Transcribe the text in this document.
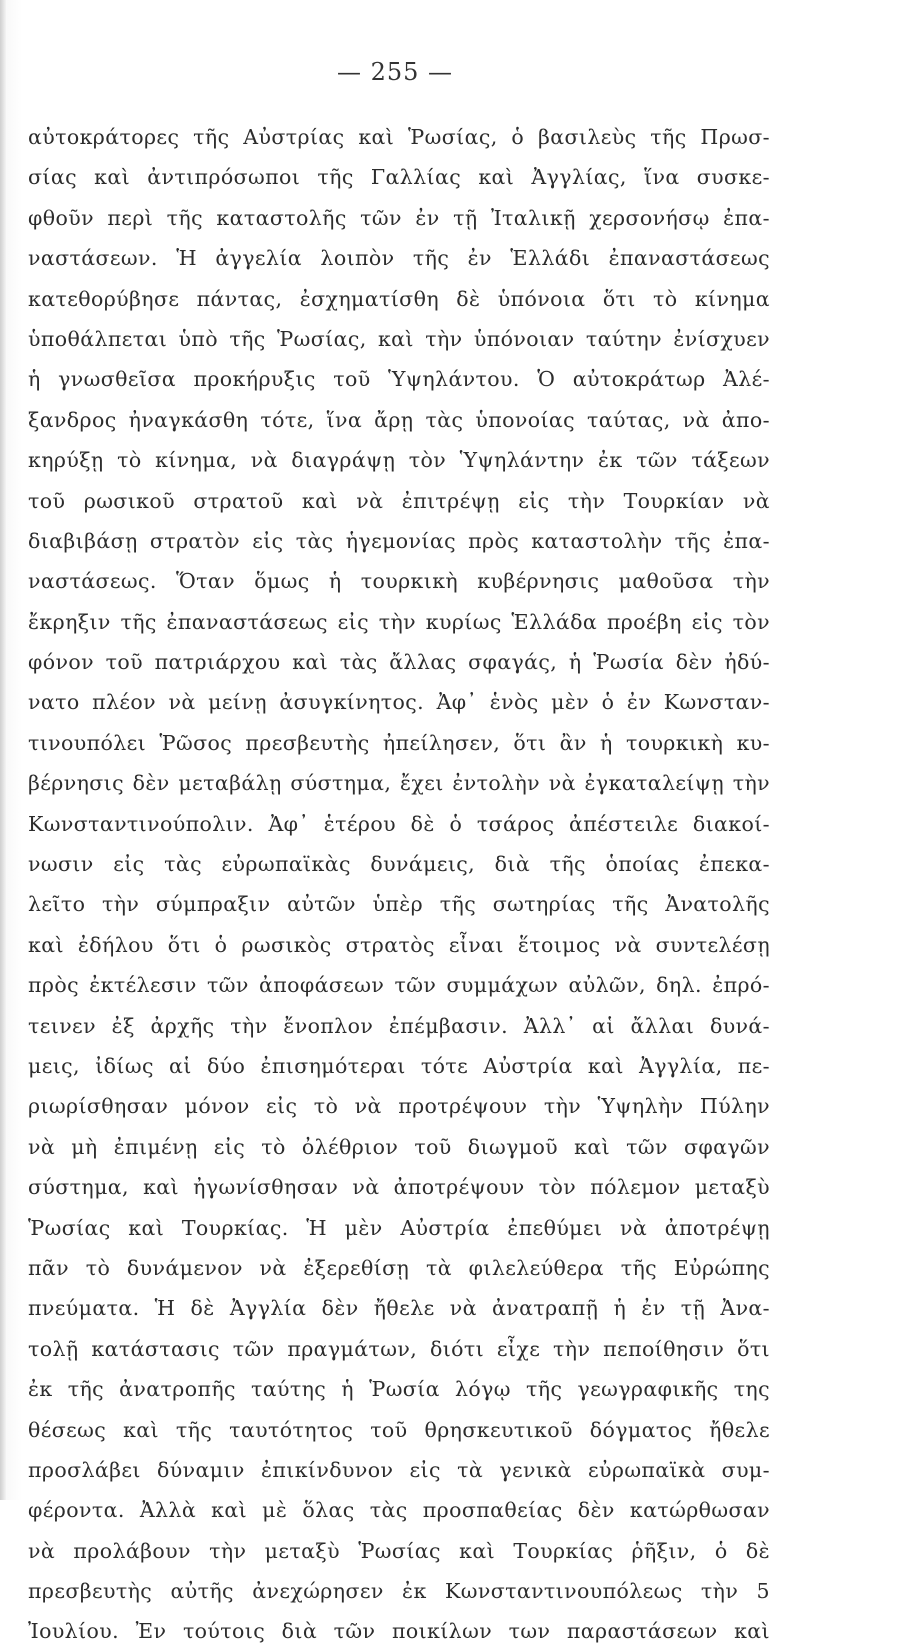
— 255 —
αὐτοκράτορες τῆς Αὐστρίας καὶ Ῥωσίας, ὁ βασιλεὺς τῆς Πρωσ-
σίας καὶ ἀντιπρόσωποι τῆς Γαλλίας καὶ Ἀγγλίας, ἵνα συσκε-
φθοῦν περὶ τῆς καταστολῆς τῶν ἐν τῇ Ἰταλικῇ χερσονήσῳ ἐπα-
ναστάσεων. Ἡ ἀγγελία λοιπὸν τῆς ἐν Ἑλλάδι ἐπαναστάσεως
κατεθορύβησε πάντας, ἐσχηματίσθη δὲ ὑπόνοια ὅτι τὸ κίνημα
ὑποθάλπεται ὑπὸ τῆς Ῥωσίας, καὶ τὴν ὑπόνοιαν ταύτην ἐνίσχυεν
ἡ γνωσθεῖσα προκήρυξις τοῦ Ὑψηλάντου. Ὁ αὐτοκράτωρ Ἀλέ-
ξανδρος ἠναγκάσθη τότε, ἵνα ἄρῃ τὰς ὑπονοίας ταύτας, νὰ ἀπο-
κηρύξῃ τὸ κίνημα, νὰ διαγράψῃ τὸν Ὑψηλάντην ἐκ τῶν τάξεων
τοῦ ρωσικοῦ στρατοῦ καὶ νὰ ἐπιτρέψῃ εἰς τὴν Τουρκίαν νὰ
διαβιβάσῃ στρατὸν εἰς τὰς ἡγεμονίας πρὸς καταστολὴν τῆς ἐπα-
ναστάσεως. Ὅταν ὅμως ἡ τουρκικὴ κυβέρνησις μαθοῦσα τὴν
ἔκρηξιν τῆς ἐπαναστάσεως εἰς τὴν κυρίως Ἑλλάδα προέβη εἰς τὸν
φόνον τοῦ πατριάρχου καὶ τὰς ἄλλας σφαγάς, ἡ Ῥωσία δὲν ἠδύ-
νατο πλέον νὰ μείνῃ ἀσυγκίνητος. Ἀφ᾽ ἑνὸς μὲν ὁ ἐν Κωνσταν-
τινουπόλει Ῥῶσος πρεσβευτὴς ἠπείλησεν, ὅτι ἂν ἡ τουρκικὴ κυ-
βέρνησις δὲν μεταβάλῃ σύστημα, ἔχει ἐντολὴν νὰ ἐγκαταλείψῃ τὴν
Κωνσταντινούπολιν. Ἀφ᾽ ἑτέρου δὲ ὁ τσάρος ἀπέστειλε διακοί-
νωσιν εἰς τὰς εὐρωπαϊκὰς δυνάμεις, διὰ τῆς ὁποίας ἐπεκα-
λεῖτο τὴν σύμπραξιν αὐτῶν ὑπὲρ τῆς σωτηρίας τῆς Ἀνατολῆς
καὶ ἐδήλου ὅτι ὁ ρωσικὸς στρατὸς εἶναι ἕτοιμος νὰ συντελέσῃ
πρὸς ἐκτέλεσιν τῶν ἀποφάσεων τῶν συμμάχων αὐλῶν, δηλ. ἐπρό-
τεινεν ἐξ ἀρχῆς τὴν ἔνοπλον ἐπέμβασιν. Ἀλλ᾽ αἱ ἄλλαι δυνά-
μεις, ἰδίως αἱ δύο ἐπισημότεραι τότε Αὐστρία καὶ Ἀγγλία, πε-
ριωρίσθησαν μόνον εἰς τὸ νὰ προτρέψουν τὴν Ὑψηλὴν Πύλην
νὰ μὴ ἐπιμένῃ εἰς τὸ ὀλέθριον τοῦ διωγμοῦ καὶ τῶν σφαγῶν
σύστημα, καὶ ἠγωνίσθησαν νὰ ἀποτρέψουν τὸν πόλεμον μεταξὺ
Ῥωσίας καὶ Τουρκίας. Ἡ μὲν Αὐστρία ἐπεθύμει νὰ ἀποτρέψῃ
πᾶν τὸ δυνάμενον νὰ ἐξερεθίσῃ τὰ φιλελεύθερα τῆς Εὐρώπης
πνεύματα. Ἡ δὲ Ἀγγλία δὲν ἤθελε νὰ ἀνατραπῇ ἡ ἐν τῇ Ἀνα-
τολῇ κατάστασις τῶν πραγμάτων, διότι εἶχε τὴν πεποίθησιν ὅτι
ἐκ τῆς ἀνατροπῆς ταύτης ἡ Ῥωσία λόγῳ τῆς γεωγραφικῆς της
θέσεως καὶ τῆς ταυτότητος τοῦ θρησκευτικοῦ δόγματος ἤθελε
προσλάβει δύναμιν ἐπικίνδυνον εἰς τὰ γενικὰ εὐρωπαϊκὰ συμ-
φέροντα. Ἀλλὰ καὶ μὲ ὅλας τὰς προσπαθείας δὲν κατώρθωσαν
νὰ προλάβουν τὴν μεταξὺ Ῥωσίας καὶ Τουρκίας ῥῆξιν, ὁ δὲ
πρεσβευτὴς αὐτῆς ἀνεχώρησεν ἐκ Κωνσταντινουπόλεως τὴν 5
Ἰουλίου. Ἐν τούτοις διὰ τῶν ποικίλων των παραστάσεων καὶ
